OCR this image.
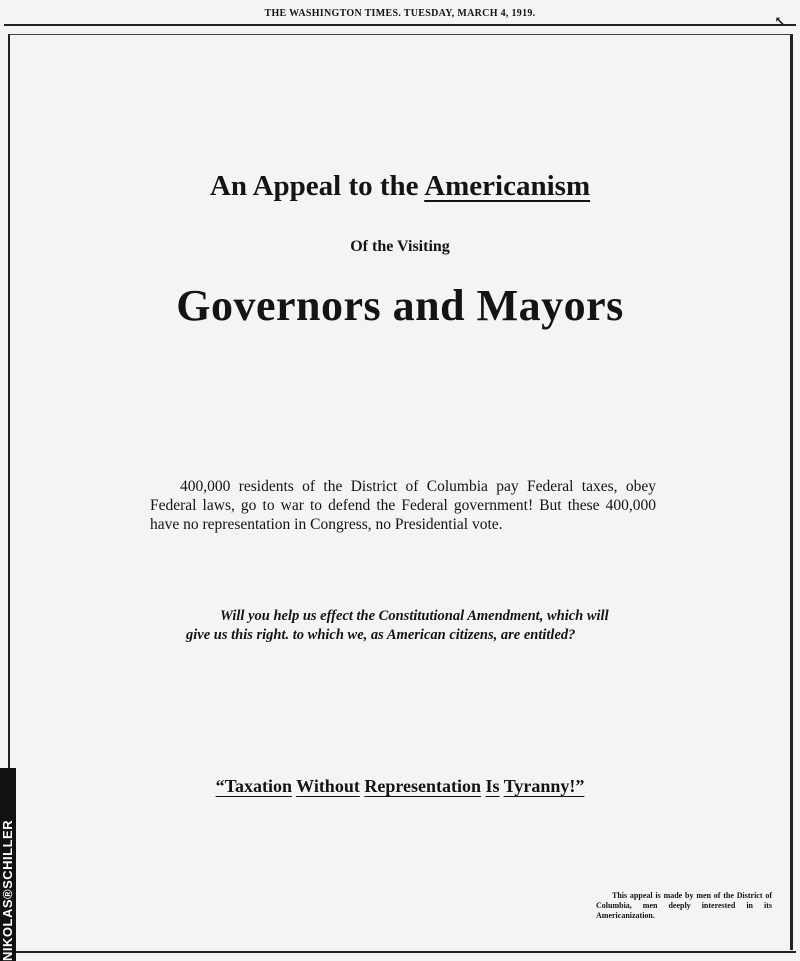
THE WASHINGTON TIMES. TUESDAY, MARCH 4, 1919.
↖
An Appeal to the Americanism
Of the Visiting
Governors and Mayors
400,000 residents of the District of Columbia pay Federal taxes, obey Federal laws, go to war to defend the Federal government! But these 400,000 have no representation in Congress, no Presidential vote.
Will you help us effect the Constitutional Amendment, which will give us this right. to which we, as American citizens, are entitled?
“Taxation Without Representation Is Tyranny!”
This appeal is made by men of the District of Columbia, men deeply interested in its Americanization.
NIKOLAS®SCHILLER
